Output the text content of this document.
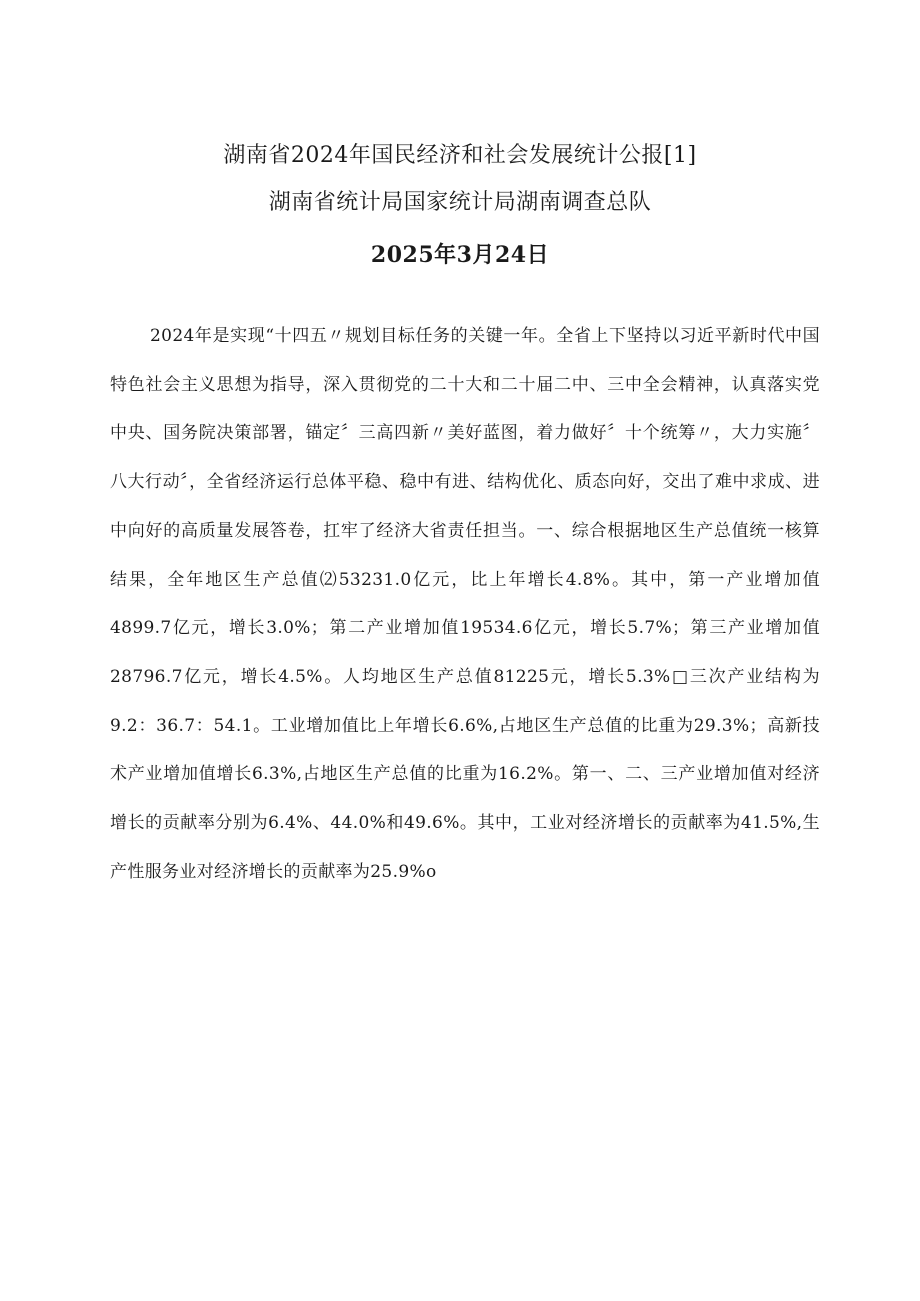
湖南省2024年国民经济和社会发展统计公报[1]
湖南省统计局国家统计局湖南调查总队
2025年3月24日

2024年是实现“十四五〃规划目标任务的关键一年。全省上下坚持以习近平新时代中国特色社会主义思想为指导，深入贯彻党的二十大和二十届二中、三中全会精神，认真落实党中央、国务院决策部署，锚定〞三高四新〃美好蓝图，着力做好〞十个统筹〃，大力实施〞八大行动〞，全省经济运行总体平稳、稳中有进、结构优化、质态向好，交出了难中求成、进中向好的高质量发展答卷，扛牢了经济大省责任担当。一、综合根据地区生产总值统一核算结果，全年地区生产总值⑵53231.0亿元，比上年增长4.8%。其中，第一产业增加值4899.7亿元，增长3.0%；第二产业增加值19534.6亿元，增长5.7%；第三产业增加值28796.7亿元，增长4.5%。人均地区生产总值81225元，增长5.3%□三次产业结构为9.2：36.7：54.1。工业增加值比上年增长6.6%,占地区生产总值的比重为29.3%；高新技术产业增加值增长6.3%,占地区生产总值的比重为16.2%。第一、二、三产业增加值对经济增长的贡献率分别为6.4%、44.0%和49.6%。其中，工业对经济增长的贡献率为41.5%,生产性服务业对经济增长的贡献率为25.9%o
